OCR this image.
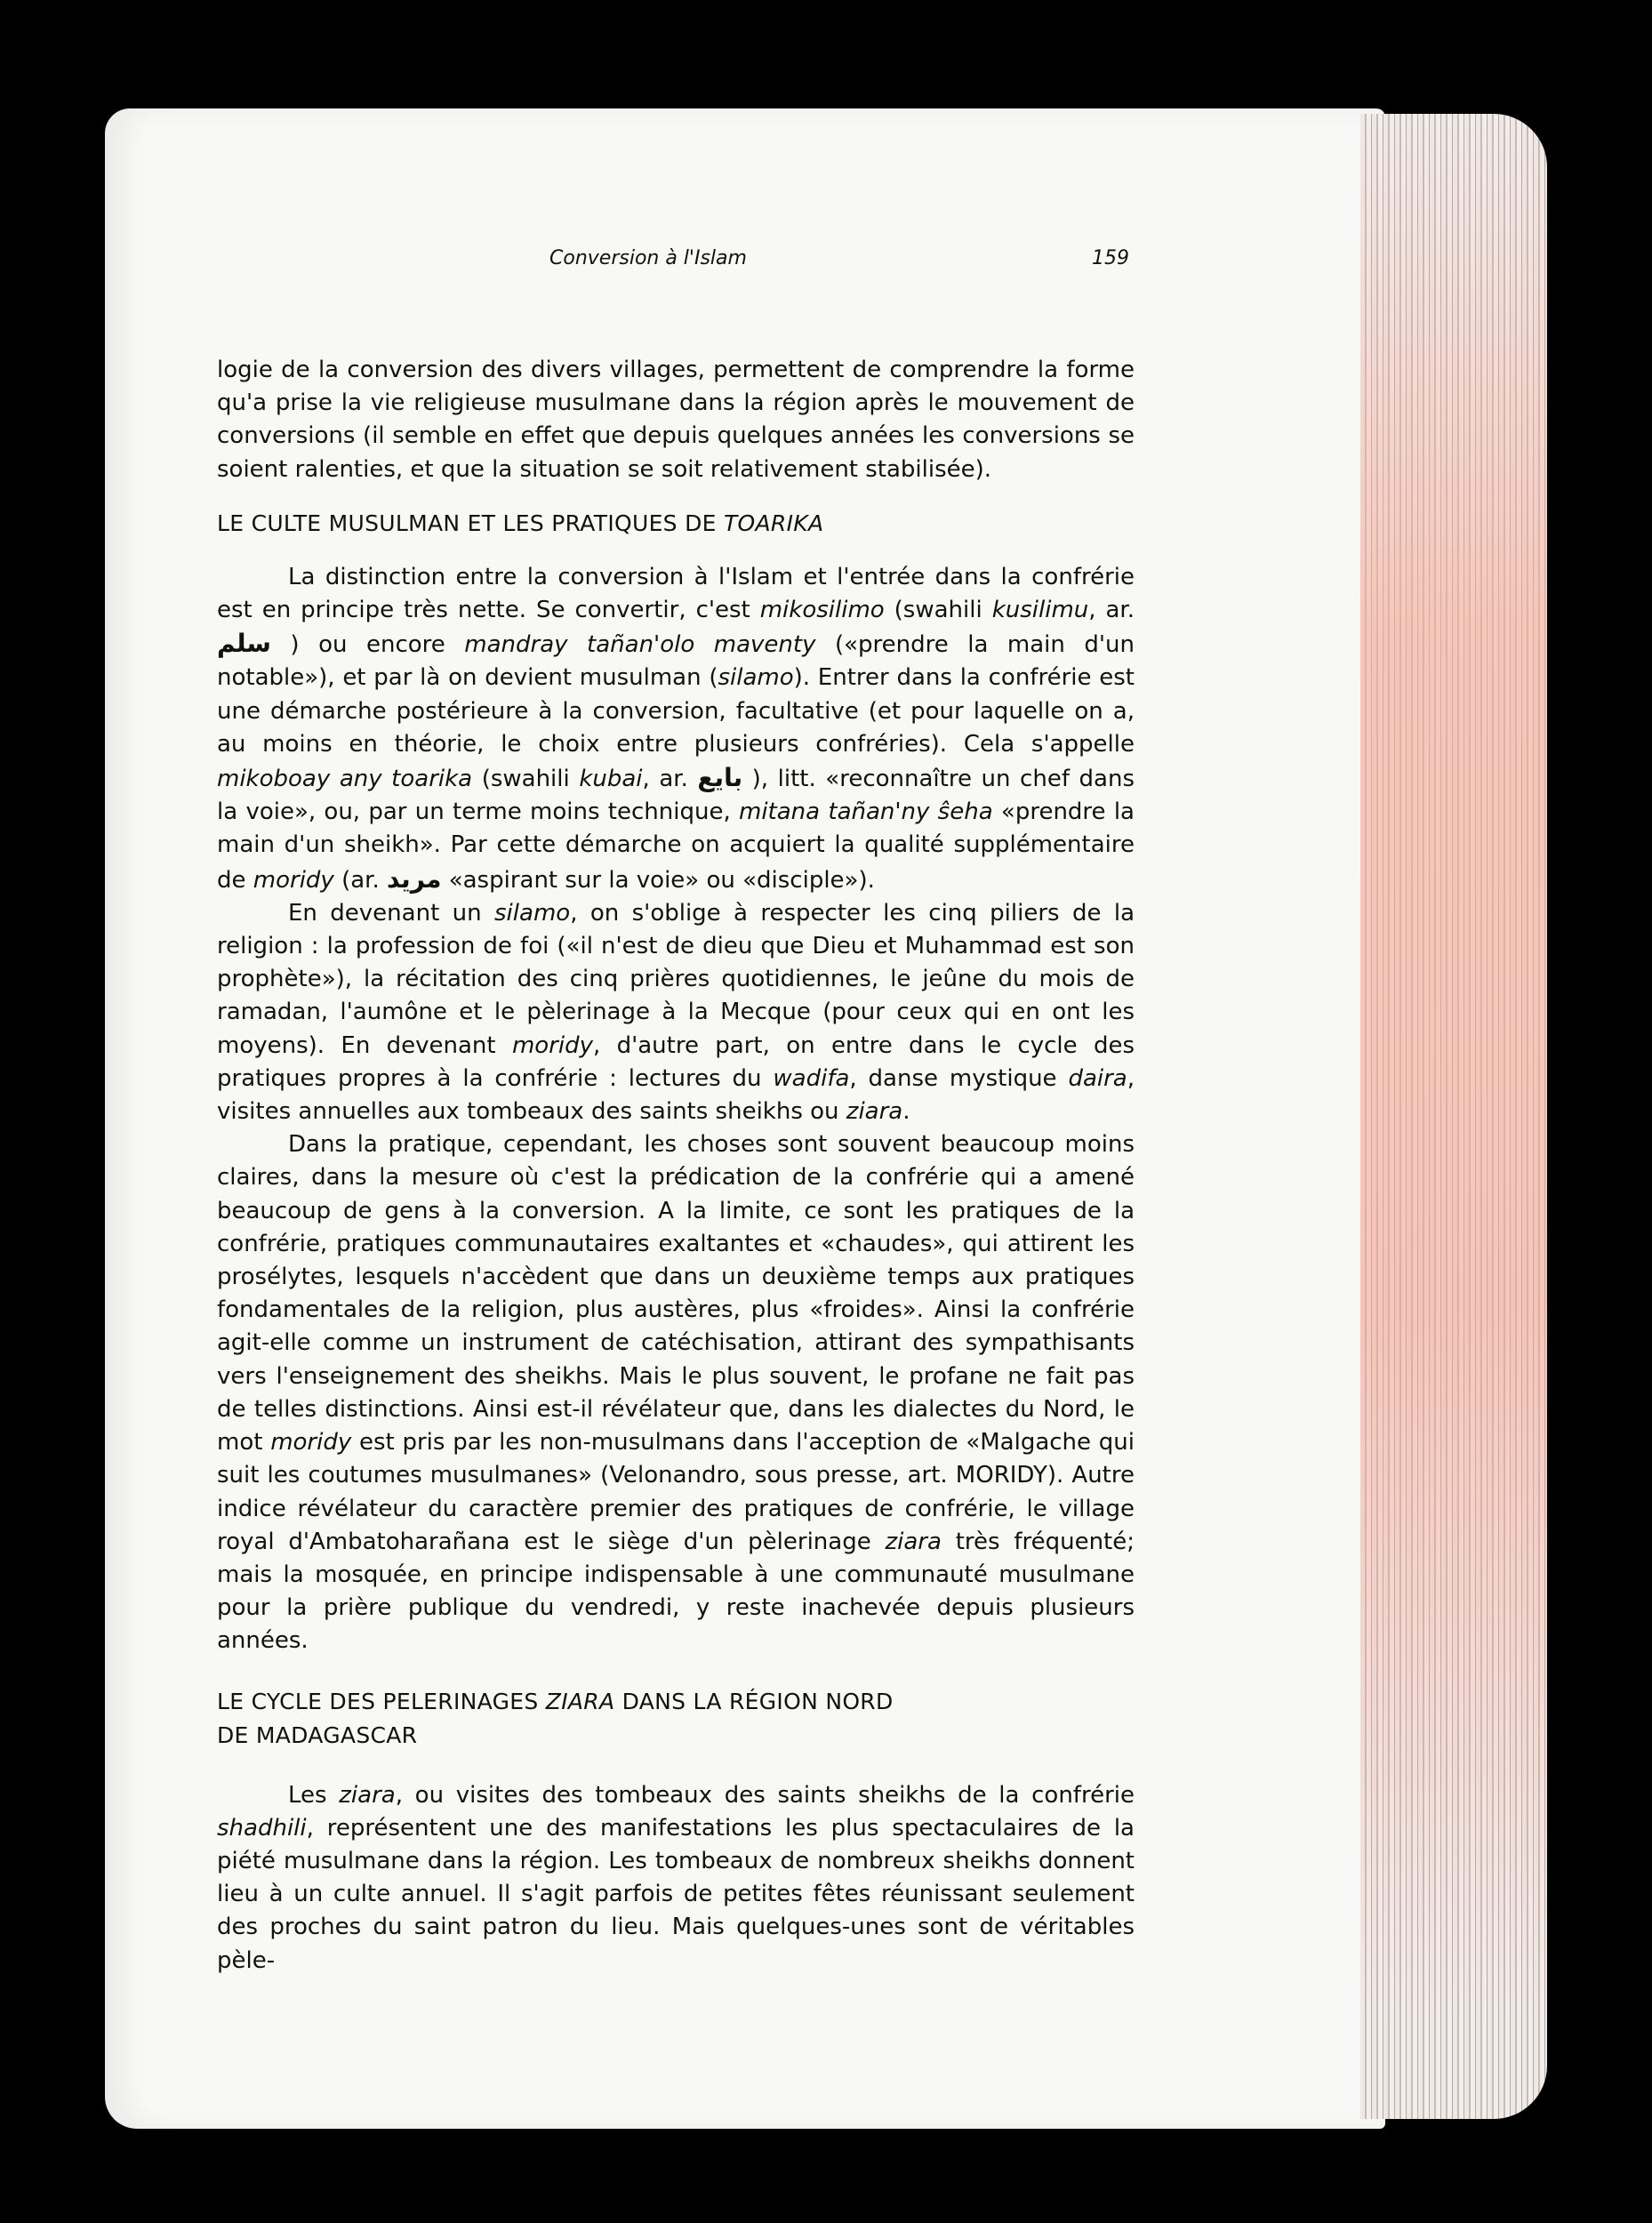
Conversion à l'Islam	159

logie de la conversion des divers villages, permettent de comprendre la forme qu'a prise la vie religieuse musulmane dans la région après le mouvement de conversions (il semble en effet que depuis quelques années les conversions se soient ralenties, et que la situation se soit relativement stabilisée).

LE CULTE MUSULMAN ET LES PRATIQUES DE TOARIKA

La distinction entre la conversion à l'Islam et l'entrée dans la confrérie est en principe très nette. Se convertir, c'est mikosilimo (swahili kusilimu, ar. سلم ) ou encore mandray tañan'olo maventy («prendre la main d'un notable»), et par là on devient musulman (silamo). Entrer dans la confrérie est une démarche postérieure à la conversion, facultative (et pour laquelle on a, au moins en théorie, le choix entre plusieurs confréries). Cela s'appelle mikoboay any toarika (swahili kubai, ar. بايع ), litt. «reconnaître un chef dans la voie», ou, par un terme moins technique, mitana tañan'ny ŝeha «prendre la main d'un sheikh». Par cette démarche on acquiert la qualité supplémentaire de moridy (ar. مريد «aspirant sur la voie» ou «disciple»).

En devenant un silamo, on s'oblige à respecter les cinq piliers de la religion : la profession de foi («il n'est de dieu que Dieu et Muhammad est son prophète»), la récitation des cinq prières quotidiennes, le jeûne du mois de ramadan, l'aumône et le pèlerinage à la Mecque (pour ceux qui en ont les moyens). En devenant moridy, d'autre part, on entre dans le cycle des pratiques propres à la confrérie : lectures du wadifa, danse mystique daira, visites annuelles aux tombeaux des saints sheikhs ou ziara.

Dans la pratique, cependant, les choses sont souvent beaucoup moins claires, dans la mesure où c'est la prédication de la confrérie qui a amené beaucoup de gens à la conversion. A la limite, ce sont les pratiques de la confrérie, pratiques communautaires exaltantes et «chaudes», qui attirent les prosélytes, lesquels n'accèdent que dans un deuxième temps aux pratiques fondamentales de la religion, plus austères, plus «froides». Ainsi la confrérie agit-elle comme un instrument de catéchisation, attirant des sympathisants vers l'enseignement des sheikhs. Mais le plus souvent, le profane ne fait pas de telles distinctions. Ainsi est-il révélateur que, dans les dialectes du Nord, le mot moridy est pris par les non-musulmans dans l'acception de «Malgache qui suit les coutumes musulmanes» (Velonandro, sous presse, art. MORIDY). Autre indice révélateur du caractère premier des pratiques de confrérie, le village royal d'Ambatoharañana est le siège d'un pèlerinage ziara très fréquenté; mais la mosquée, en principe indispensable à une communauté musulmane pour la prière publique du vendredi, y reste inachevée depuis plusieurs années.

LE CYCLE DES PELERINAGES ZIARA DANS LA RÉGION NORD
DE MADAGASCAR

Les ziara, ou visites des tombeaux des saints sheikhs de la confrérie shadhili, représentent une des manifestations les plus spectaculaires de la piété musulmane dans la région. Les tombeaux de nombreux sheikhs donnent lieu à un culte annuel. Il s'agit parfois de petites fêtes réunissant seulement des proches du saint patron du lieu. Mais quelques-unes sont de véritables pèle-
